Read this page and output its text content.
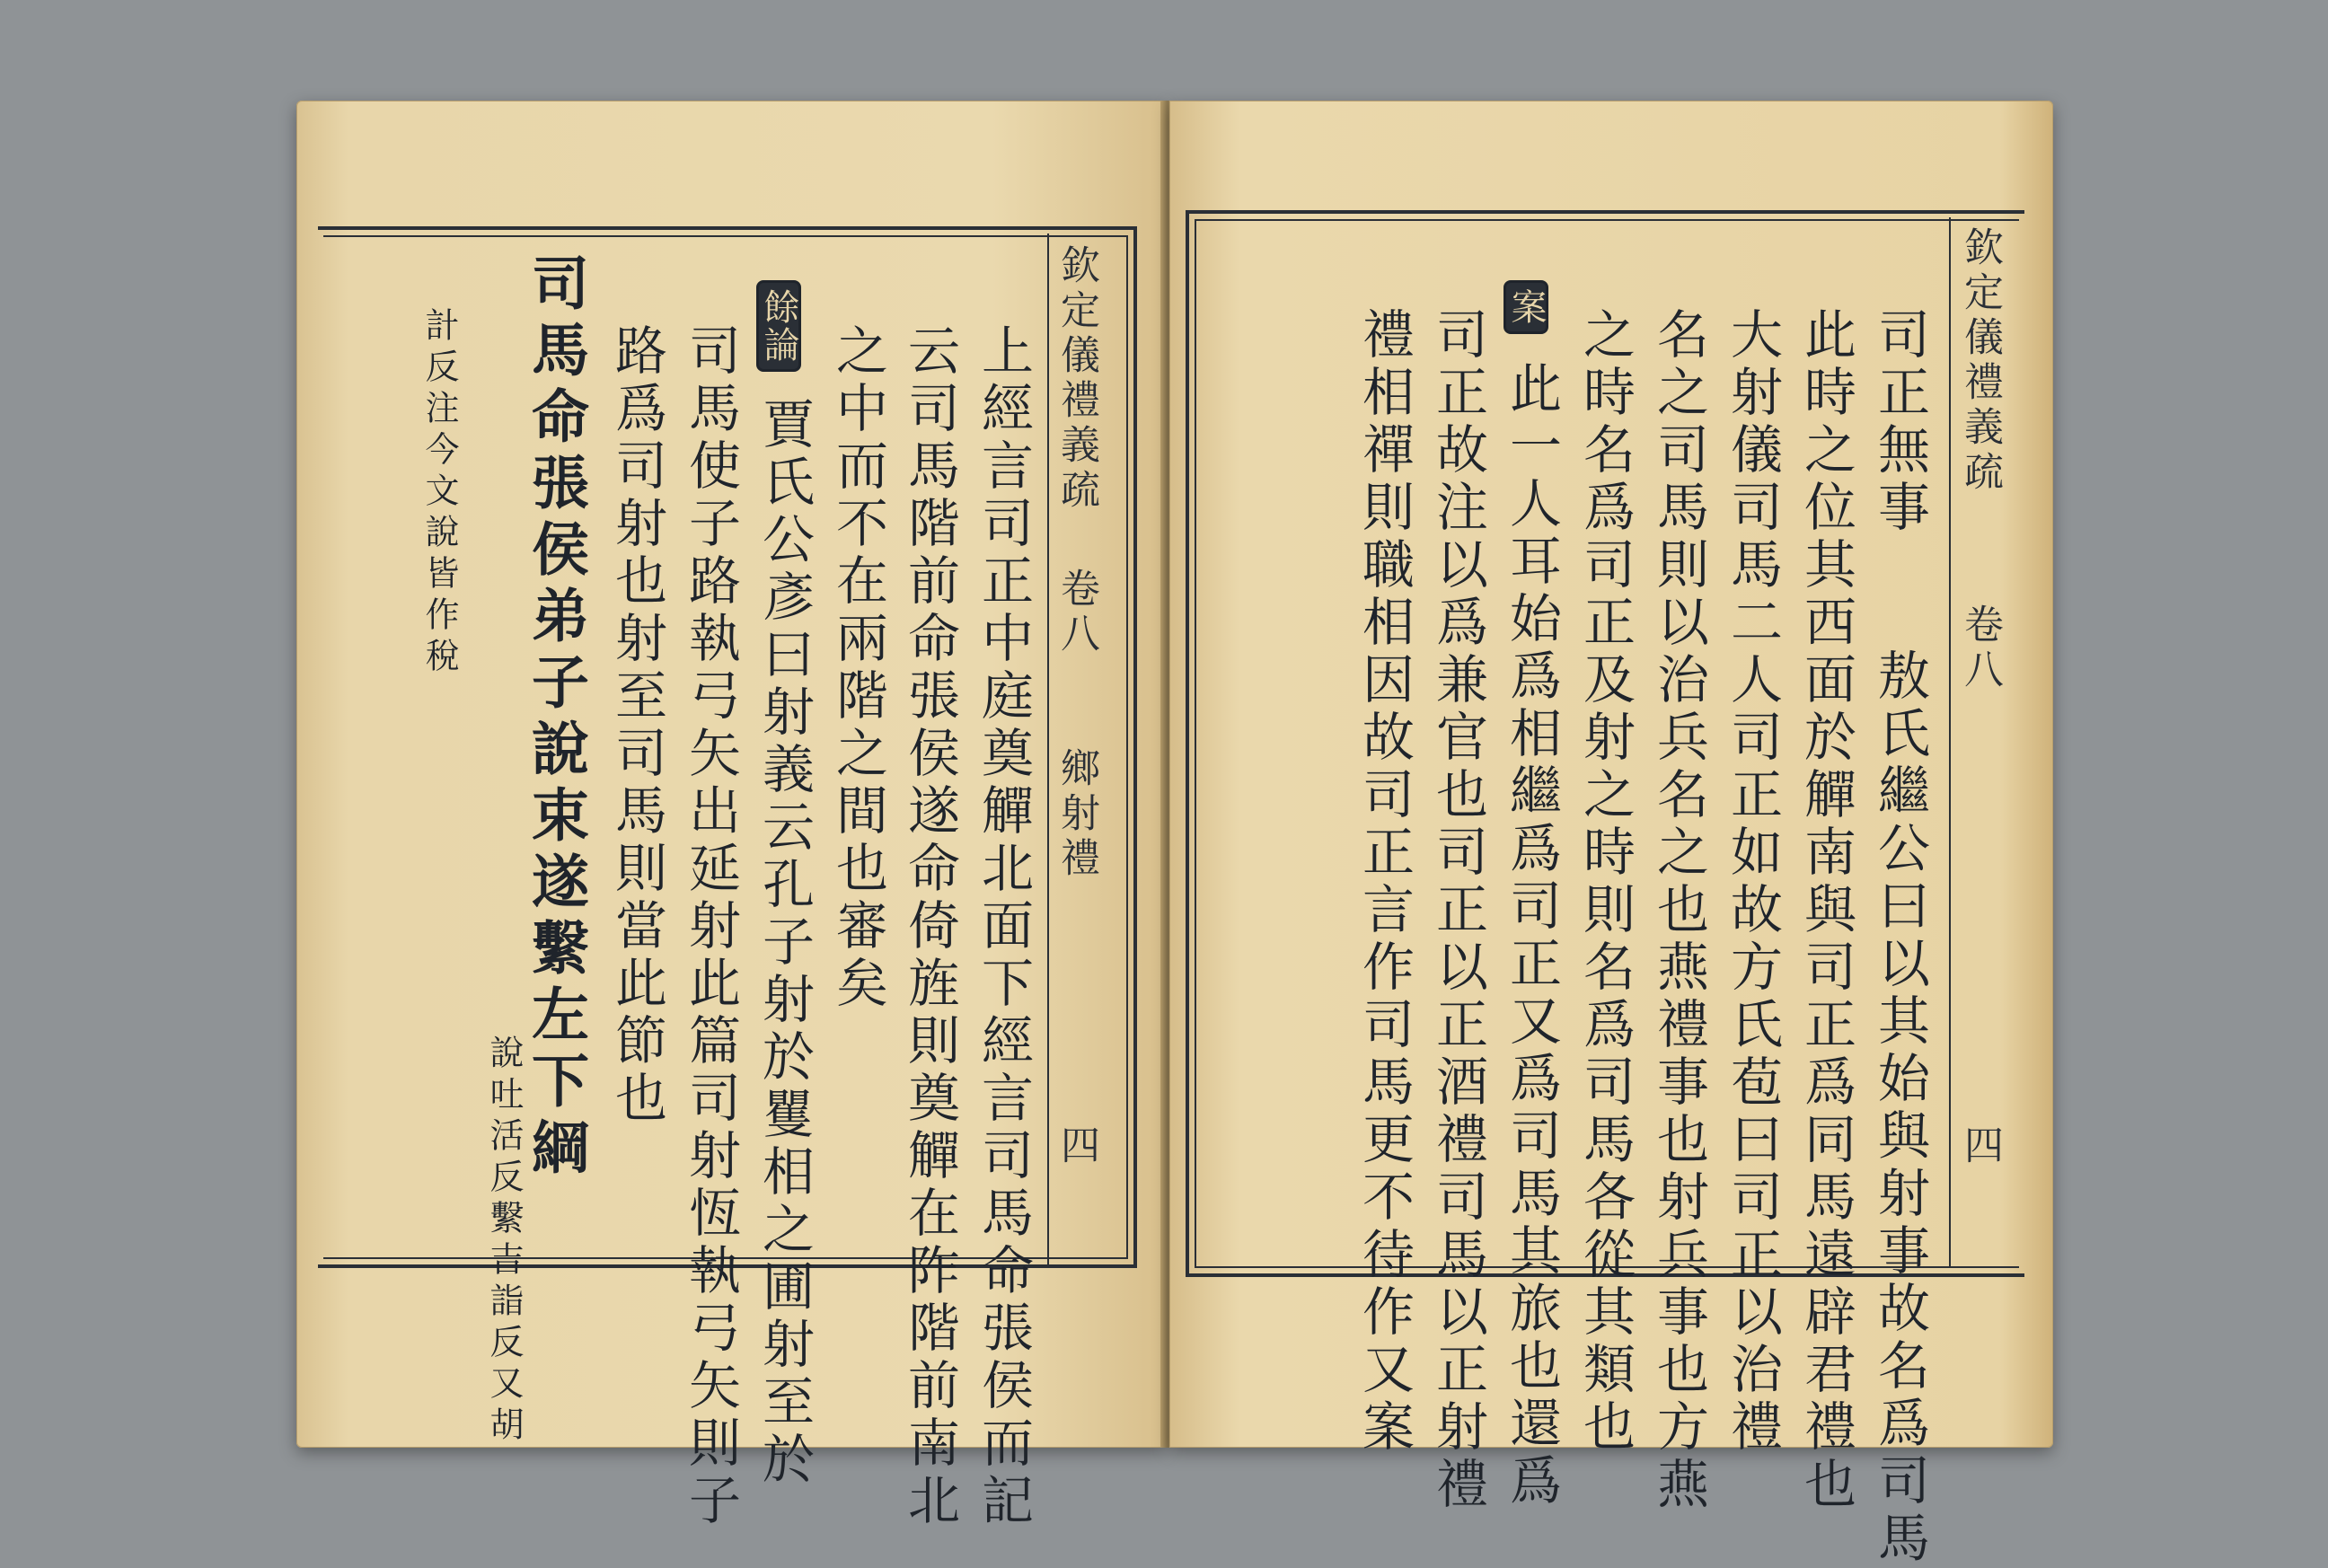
欽定儀禮義疏
卷八
鄉射禮
四
上經言司正中庭奠觶北面下經言司馬命張侯而記
云司馬階前命張侯遂命倚旌則奠觶在阼階前南北
之中而不在兩階之間也審矣
餘論
賈氏公彥曰射義云孔子射於矍相之圃射至於
司馬使子路執弓矢出延射此篇司射恆執弓矢則子
路爲司射也射至司馬則當此節也
司馬命張侯弟子說束遂繫左下綱
說吐活反繫吉詣反又胡
計反注今文說皆作稅	欽定儀禮義疏
卷八
四
司正無事
敖氏繼公曰以其始與射事故名爲司馬
此時之位其西面於觶南與司正爲同馬遠辟君禮也
大射儀司馬二人司正如故方氏苞曰司正以治禮
名之司馬則以治兵名之也燕禮事也射兵事也方燕
之時名爲司正及射之時則名爲司馬各從其類也
案
此一人耳始爲相繼爲司正又爲司馬其旅也還爲
司正故注以爲兼官也司正以正酒禮司馬以正射禮
禮相禪則職相因故司正言作司馬更不待作又案
